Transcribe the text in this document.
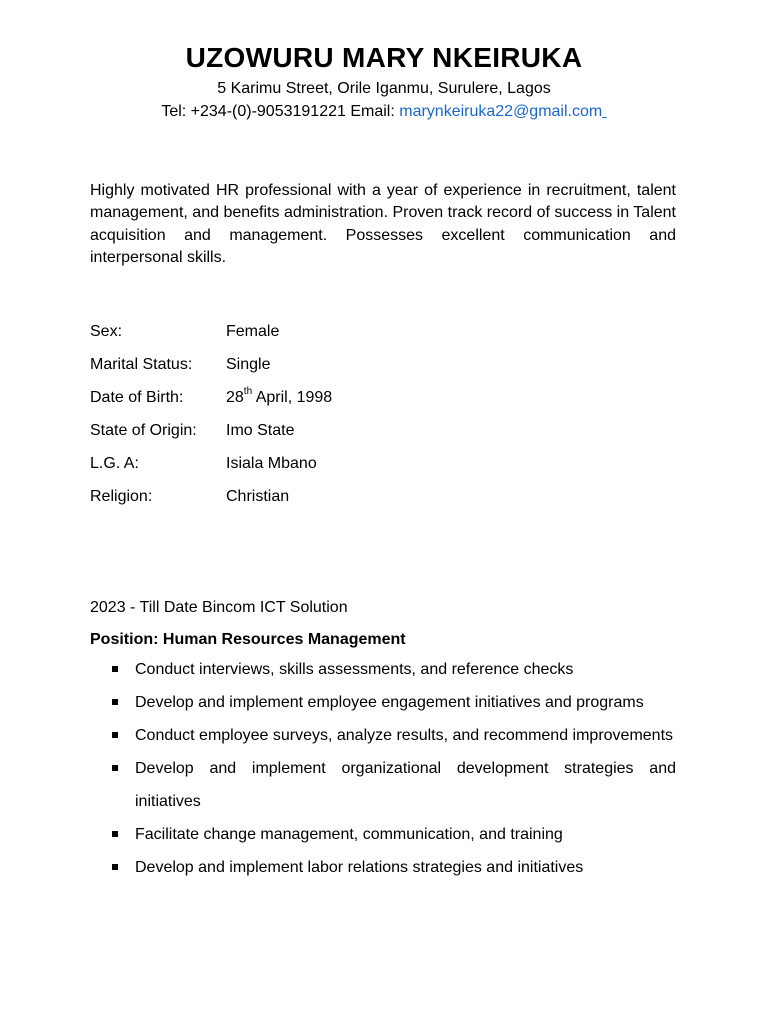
UZOWURU MARY NKEIRUKA
5 Karimu Street, Orile Iganmu, Surulere, Lagos
Tel: +234-(0)-9053191221 Email: marynkeiruka22@gmail.com
Highly motivated HR professional with a year of experience in recruitment, talent management, and benefits administration. Proven track record of success in Talent acquisition and management. Possesses excellent communication and interpersonal skills.
Sex:	Female
Marital Status: Single
Date of Birth:	28th April, 1998
State of Origin: Imo State
L.G. A:	Isiala Mbano
Religion:	Christian
2023 - Till Date Bincom ICT Solution
Position: Human Resources Management
Conduct interviews, skills assessments, and reference checks
Develop and implement employee engagement initiatives and programs
Conduct employee surveys, analyze results, and recommend improvements
Develop and implement organizational development strategies and initiatives
Facilitate change management, communication, and training
Develop and implement labor relations strategies and initiatives
